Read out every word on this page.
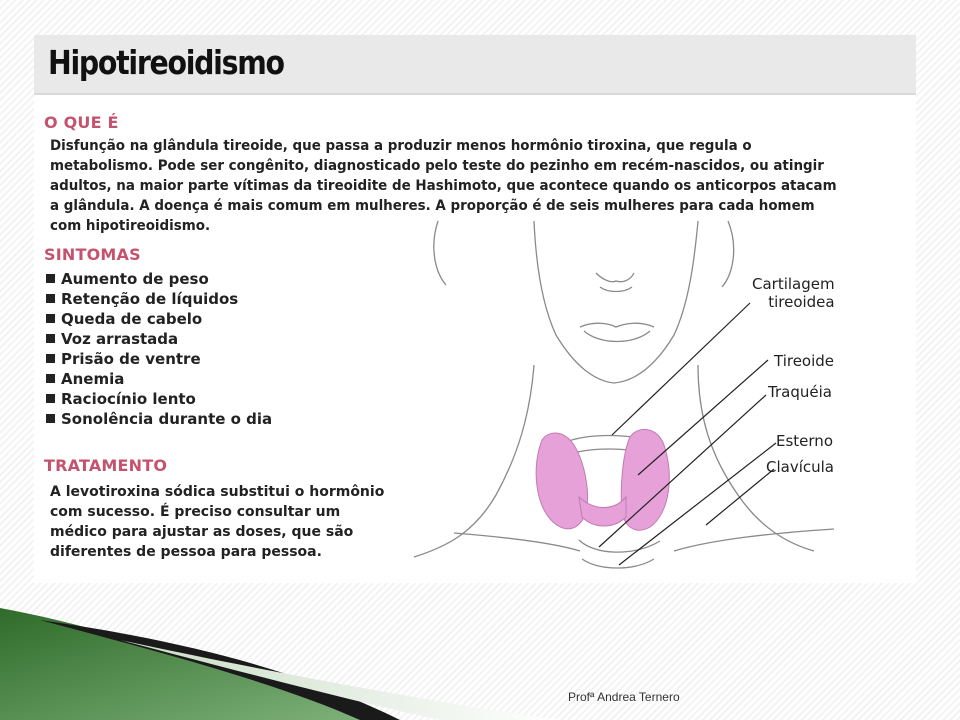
Hipotireoidismo
O QUE É
Disfunção na glândula tireoide, que passa a produzir menos hormônio tiroxina, que regula o metabolismo. Pode ser congênito, diagnosticado pelo teste do pezinho em recém-nascidos, ou atingir adultos, na maior parte vítimas da tireoidite de Hashimoto, que acontece quando os anticorpos atacam a glândula. A doença é mais comum em mulheres. A proporção é de seis mulheres para cada homem com hipotireoidismo.
SINTOMAS
Aumento de peso
Retenção de líquidos
Queda de cabelo
Voz arrastada
Prisão de ventre
Anemia
Raciocínio lento
Sonolência durante o dia
TRATAMENTO
A levotiroxina sódica substitui o hormônio com sucesso. É preciso consultar um médico para ajustar as doses, que são diferentes de pessoa para pessoa.
Cartilagem
tireoidea
Tireoide
Traquéia
Esterno
Clavícula
Profª Andrea Ternero
